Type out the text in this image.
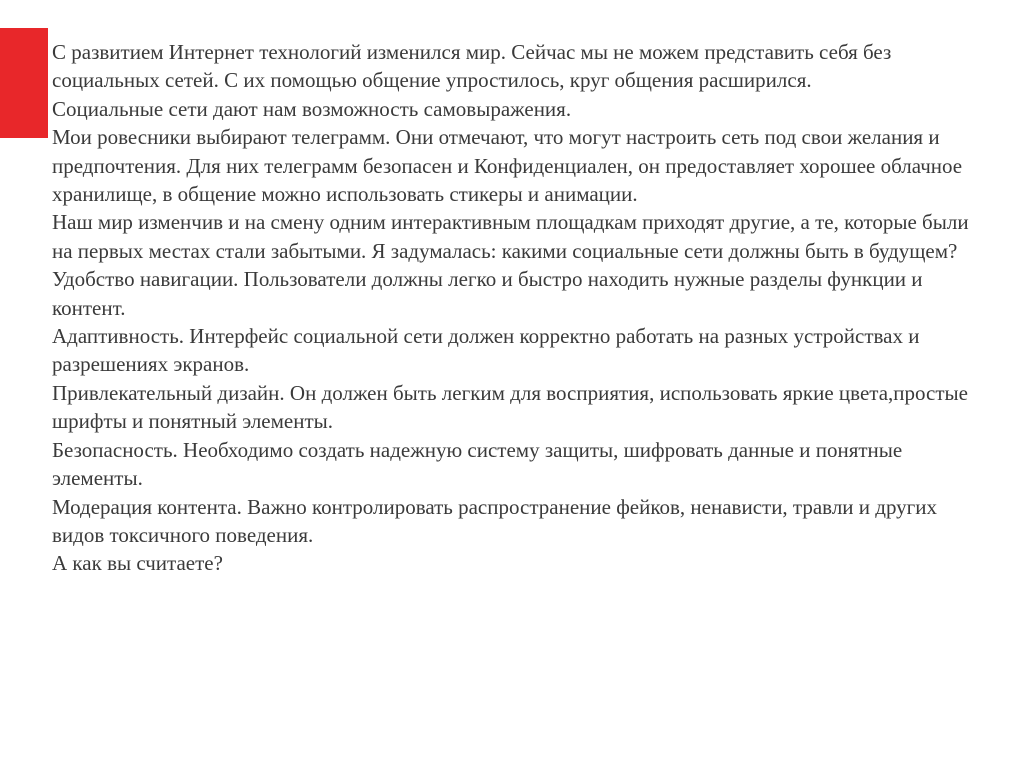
С развитием Интернет технологий изменился мир. Сейчас мы не можем представить себя без социальных сетей. С их помощью общение упростилось, круг общения расширился.

Социальные сети дают нам возможность самовыражения.

Мои ровесники выбирают телеграмм. Они отмечают, что могут настроить сеть под свои желания и предпочтения. Для них телеграмм безопасен и Конфиденциален, он предоставляет хорошее облачное хранилище, в общение можно использовать стикеры и анимации.

Наш мир изменчив и на смену одним интерактивным площадкам приходят другие, а те, которые были на первых местах стали забытыми. Я задумалась: какими социальные сети должны быть в будущем?

Удобство навигации. Пользователи должны легко и быстро находить нужные разделы функции и контент.

Адаптивность. Интерфейс социальной сети должен корректно работать на разных устройствах и разрешениях экранов.

Привлекательный дизайн. Он должен быть легким для восприятия, использовать яркие цвета,простые шрифты и понятный элементы.

Безопасность. Необходимо создать надежную систему защиты, шифровать данные и понятные элементы.

Модерация контента. Важно контролировать распространение фейков, ненависти, травли и других видов токсичного поведения.

А как вы считаете?
